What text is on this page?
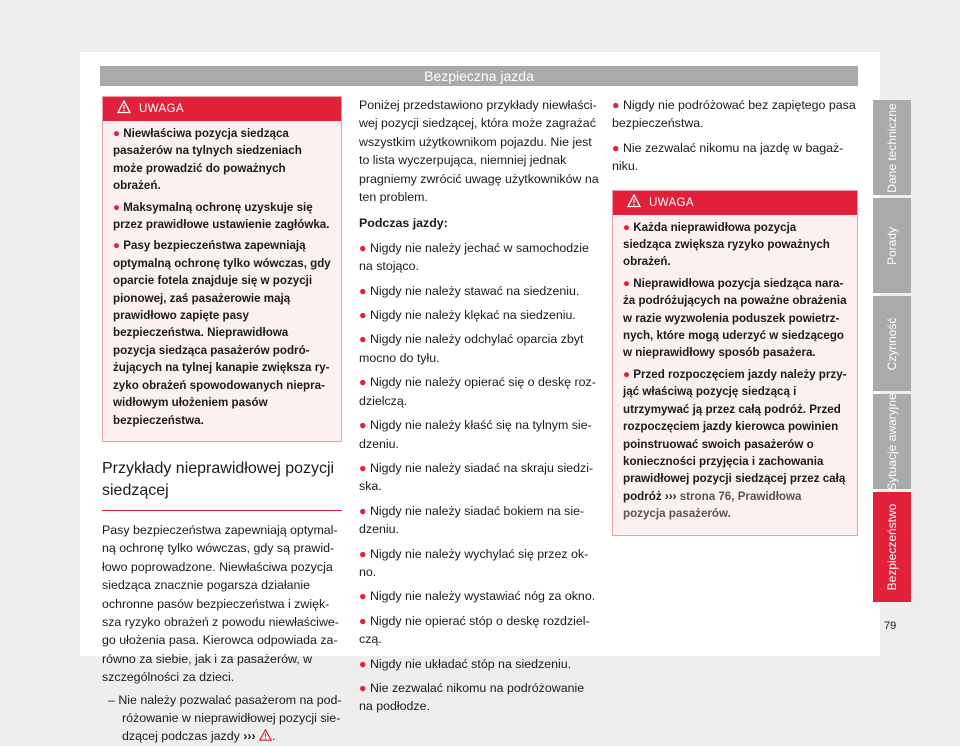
Bezpieczna jazda
UWAGA

● Niewłaściwa pozycja siedząca pasażerów na tylnych siedzeniach może prowadzić do poważnych obrażeń.

● Maksymalną ochronę uzyskuje się przez prawidłowe ustawienie zagłówka.

● Pasy bezpieczeństwa zapewniają optymalną ochronę tylko wówczas, gdy oparcie fotela znajduje się w pozycji pionowej, zaś pasażerowie mają prawidłowo zapięte pasy bezpieczeństwa. Nieprawidłowa pozycja siedząca pasażerów podróżujących na tylnej kanapie zwiększa ryzyko obrażeń spowodowanych nieprawidłowym ułożeniem pasów bezpieczeństwa.

Przykłady nieprawidłowej pozycji siedzącej

Pasy bezpieczeństwa zapewniają optymalną ochronę tylko wówczas, gdy są prawidłowo poprowadzone. Niewłaściwa pozycja siedząca znacznie pogarsza działanie ochronne pasów bezpieczeństwa i zwiększa ryzyko obrażeń z powodu niewłaściwego ułożenia pasa. Kierowca odpowiada zarówno za siebie, jak i za pasażerów, w szczególności za dzieci.

– Nie należy pozwalać pasażerom na podróżowanie w nieprawidłowej pozycji siedzącej podczas jazdy ››› .

Poniżej przedstawiono przykłady niewłaściwej pozycji siedzącej, która może zagrażać wszystkim użytkownikom pojazdu. Nie jest to lista wyczerpująca, niemniej jednak pragniemy zwrócić uwagę użytkowników na ten problem.

Podczas jazdy:

● Nigdy nie należy jechać w samochodzie na stojąco.

● Nigdy nie należy stawać na siedzeniu.

● Nigdy nie należy klękać na siedzeniu.

● Nigdy nie należy odchylać oparcia zbyt mocno do tyłu.

● Nigdy nie należy opierać się o deskę rozdzielczą.

● Nigdy nie należy kłaść się na tylnym siedzeniu.

● Nigdy nie należy siadać na skraju siedziska.

● Nigdy nie należy siadać bokiem na siedzeniu.

● Nigdy nie należy wychylać się przez okno.

● Nigdy nie należy wystawiać nóg za okno.

● Nigdy nie opierać stóp o deskę rozdzielczą.

● Nigdy nie układać stóp na siedzeniu.

● Nie zezwalać nikomu na podróżowanie na podłodze.

● Nigdy nie podróżować bez zapiętego pasa bezpieczeństwa.

● Nie zezwalać nikomu na jazdę w bagażniku.

UWAGA

● Każda nieprawidłowa pozycja siedząca zwiększa ryzyko poważnych obrażeń.

● Nieprawidłowa pozycja siedząca naraża podróżujących na poważne obrażenia w razie wyzwolenia poduszek powietrznych, które mogą uderzyć w siedzącego w nieprawidłowy sposób pasażera.

● Przed rozpoczęciem jazdy należy przyjąć właściwą pozycję siedzącą i utrzymywać ją przez całą podróż. Przed rozpoczęciem jazdy kierowca powinien poinstruować swoich pasażerów o konieczności przyjęcia i zachowania prawidłowej pozycji siedzącej przez całą podróż ››› strona 76, Prawidłowa pozycja pasażerów.

Dane techniczne
Porady
Czynność
Sytuacje awaryjne
Bezpieczeństwo
79
